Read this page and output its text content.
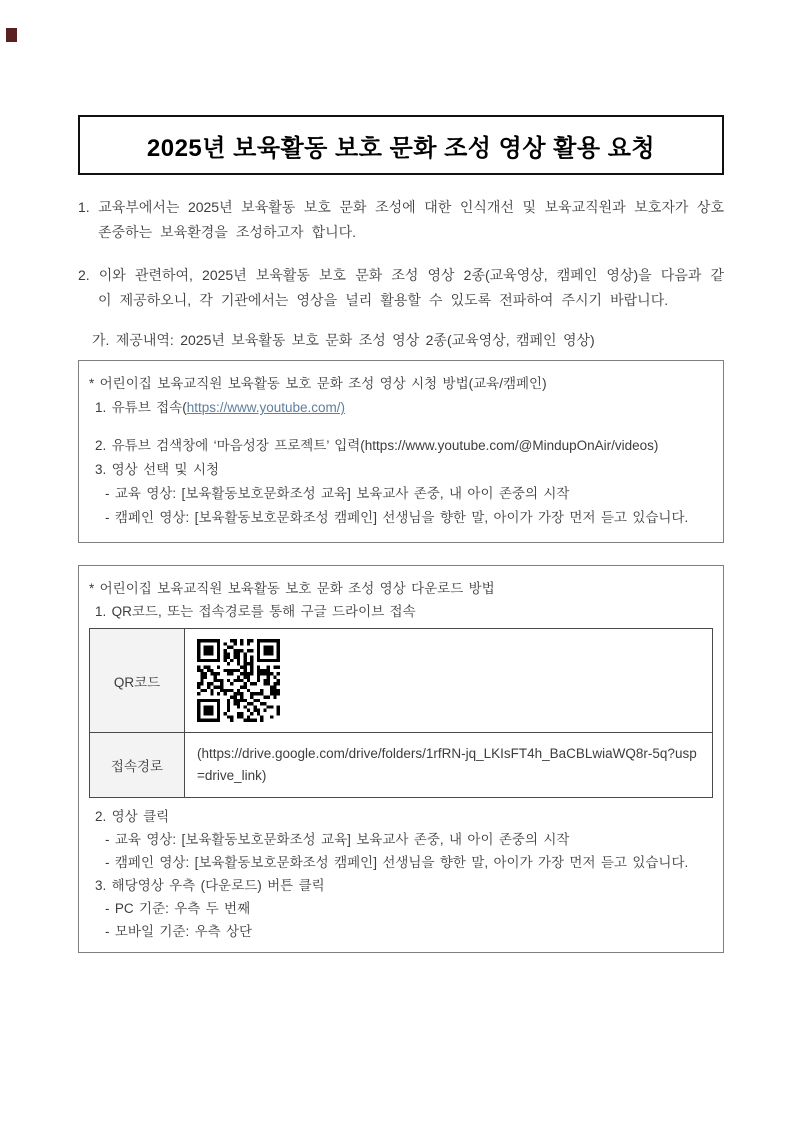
2025년 보육활동 보호 문화 조성 영상 활용 요청

1. 교육부에서는 2025년 보육활동 보호 문화 조성에 대한 인식개선 및 보육교직원과 보호자가 상호 존중하는 보육환경을 조성하고자 합니다.

2. 이와 관련하여, 2025년 보육활동 보호 문화 조성 영상 2종(교육영상, 캠페인 영상)을 다음과 같이 제공하오니, 각 기관에서는 영상을 널리 활용할 수 있도록 전파하여 주시기 바랍니다.

가. 제공내역: 2025년 보육활동 보호 문화 조성 영상 2종(교육영상, 캠페인 영상)
* 어린이집 보육교직원 보육활동 보호 문화 조성 영상 시청 방법(교육/캠페인)
1. 유튜브 접속(https://www.youtube.com/)
2. 유튜브 검색창에 ‘마음성장 프로젝트’ 입력(https://www.youtube.com/@MindupOnAir/videos)
3. 영상 선택 및 시청
- 교육 영상: [보육활동보호문화조성 교육] 보육교사 존중, 내 아이 존중의 시작
- 캠페인 영상: [보육활동보호문화조성 캠페인] 선생님을 향한 말, 아이가 가장 먼저 듣고 있습니다.
* 어린이집 보육교직원 보육활동 보호 문화 조성 영상 다운로드 방법
1. QR코드, 또는 접속경로를 통해 구글 드라이브 접속
QR코드	

접속경로	(https://drive.google.com/drive/folders/1rfRN-jq_LKIsFT4h_BaCBLwiaWQ8r-5q?usp=drive_link)
2. 영상 클릭
- 교육 영상: [보육활동보호문화조성 교육] 보육교사 존중, 내 아이 존중의 시작
- 캠페인 영상: [보육활동보호문화조성 캠페인] 선생님을 향한 말, 아이가 가장 먼저 듣고 있습니다.
3. 해당영상 우측 (다운로드) 버튼 클릭
- PC 기준: 우측 두 번째
- 모바일 기준: 우측 상단
